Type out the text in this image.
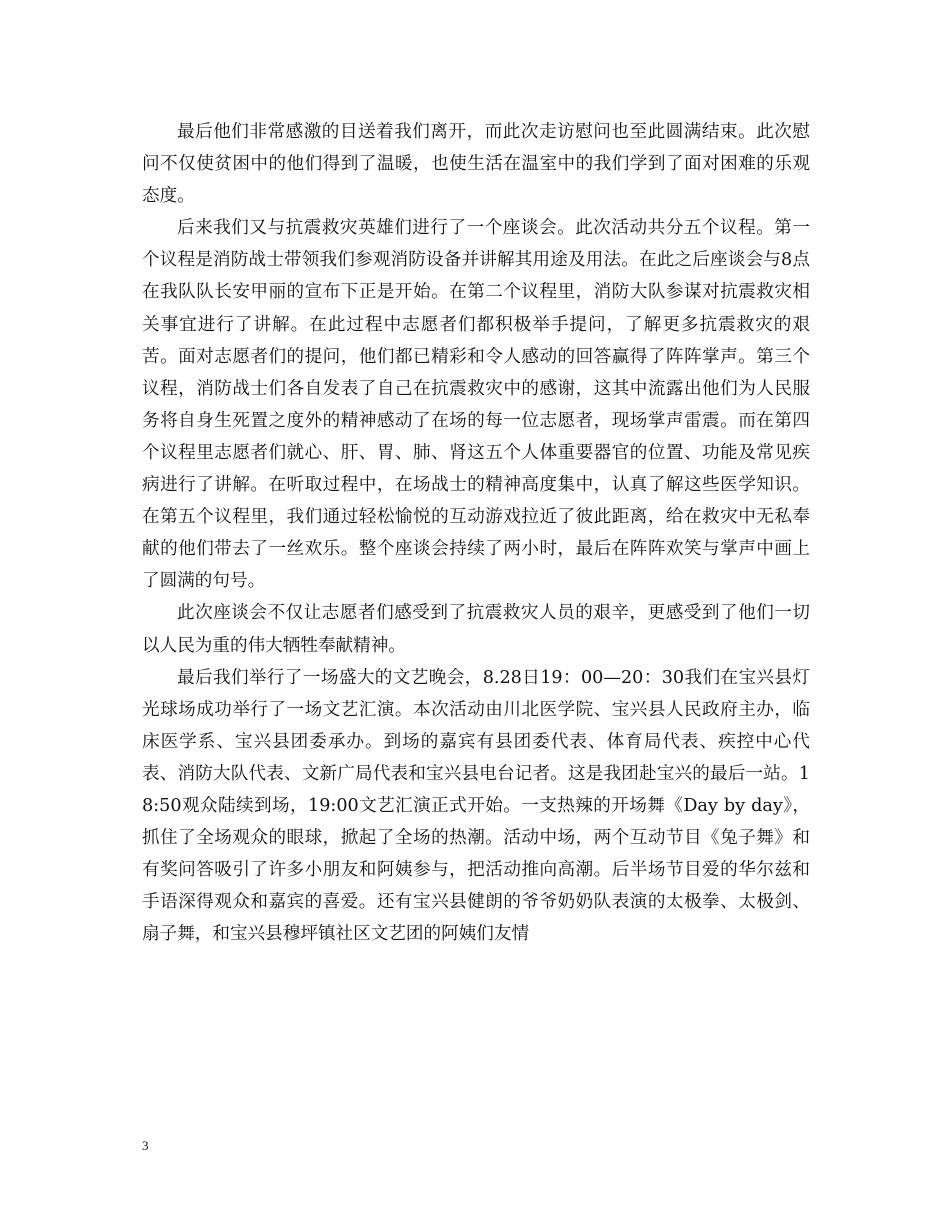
最后他们非常感激的目送着我们离开，而此次走访慰问也至此圆满结束。此次慰问不仅使贫困中的他们得到了温暖，也使生活在温室中的我们学到了面对困难的乐观态度。

后来我们又与抗震救灾英雄们进行了一个座谈会。此次活动共分五个议程。第一个议程是消防战士带领我们参观消防设备并讲解其用途及用法。在此之后座谈会与8点在我队队长安甲丽的宣布下正是开始。在第二个议程里，消防大队参谋对抗震救灾相关事宜进行了讲解。在此过程中志愿者们都积极举手提问，了解更多抗震救灾的艰苦。面对志愿者们的提问，他们都已精彩和令人感动的回答赢得了阵阵掌声。第三个议程，消防战士们各自发表了自己在抗震救灾中的感谢，这其中流露出他们为人民服务将自身生死置之度外的精神感动了在场的每一位志愿者，现场掌声雷震。而在第四个议程里志愿者们就心、肝、胃、肺、肾这五个人体重要器官的位置、功能及常见疾病进行了讲解。在听取过程中，在场战士的精神高度集中，认真了解这些医学知识。在第五个议程里，我们通过轻松愉悦的互动游戏拉近了彼此距离，给在救灾中无私奉献的他们带去了一丝欢乐。整个座谈会持续了两小时，最后在阵阵欢笑与掌声中画上了圆满的句号。

此次座谈会不仅让志愿者们感受到了抗震救灾人员的艰辛，更感受到了他们一切以人民为重的伟大牺牲奉献精神。

最后我们举行了一场盛大的文艺晚会，8.28日19：00—20：30我们在宝兴县灯光球场成功举行了一场文艺汇演。本次活动由川北医学院、宝兴县人民政府主办，临床医学系、宝兴县团委承办。到场的嘉宾有县团委代表、体育局代表、疾控中心代表、消防大队代表、文新广局代表和宝兴县电台记者。这是我团赴宝兴的最后一站。18:50观众陆续到场，19:00文艺汇演正式开始。一支热辣的开场舞《Day by day》，抓住了全场观众的眼球，掀起了全场的热潮。活动中场，两个互动节目《兔子舞》和有奖问答吸引了许多小朋友和阿姨参与，把活动推向高潮。后半场节目爱的华尔兹和手语深得观众和嘉宾的喜爱。还有宝兴县健朗的爷爷奶奶队表演的太极拳、太极剑、扇子舞，和宝兴县穆坪镇社区文艺团的阿姨们友情

3
